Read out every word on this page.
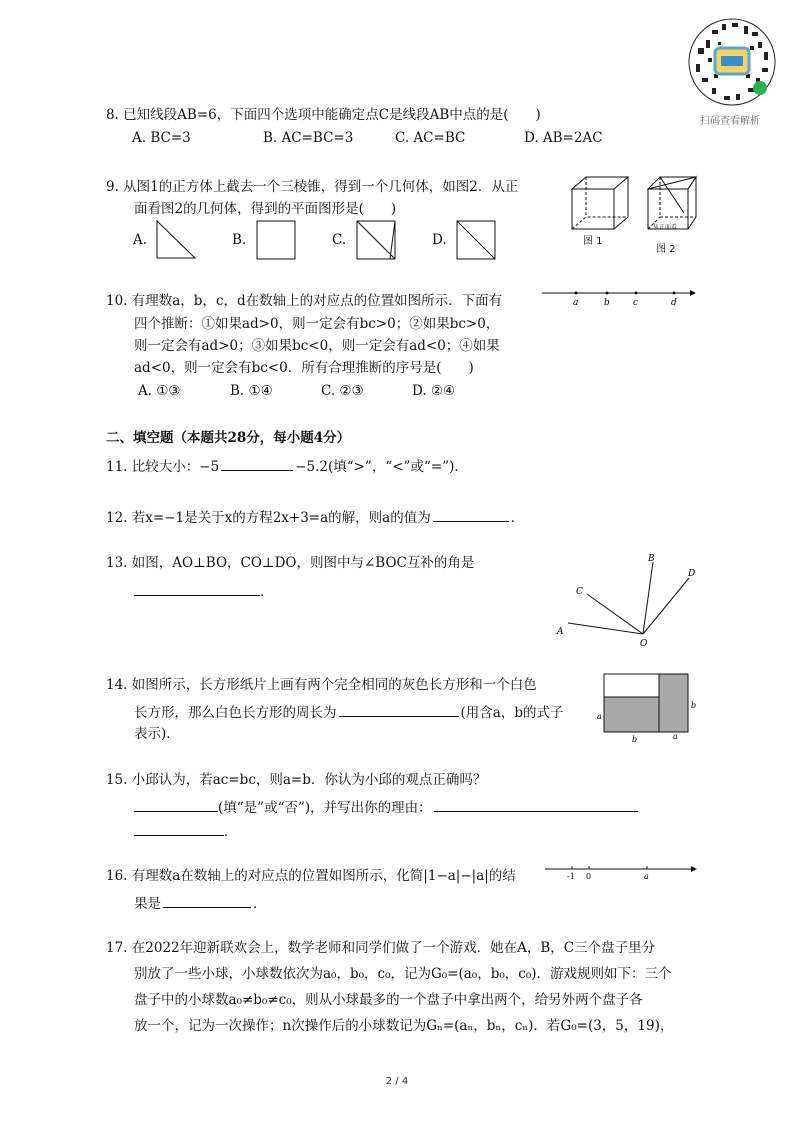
扫码查看解析
8. 已知线段AB=6，下面四个选项中能确定点C是线段AB中点的是(　　)
A. BC=3	B. AC=BC=3	C. AC=BC	D. AB=2AC
9. 从图1的正方体上截去一个三棱锥，得到一个几何体，如图2．从正
面看图2的几何体，得到的平面图形是(　　)
A.	B.	C.	D.	图 1
从正面看
图 2
10. 有理数a，b，c，d在数轴上的对应点的位置如图所示．下面有
四个推断：①如果ad>0，则一定会有bc>0；②如果bc>0，
则一定会有ad>0；③如果bc<0，则一定会有ad<0；④如果
ad<0，则一定会有bc<0．所有合理推断的序号是(　　)
A. ①③	B. ①④	C. ②③	D. ②④
a	b	c	d
二、填空题（本题共28分，每小题4分）
11. 比较大小：−5	−5.2(填“>”，“<”或“=”)．
12. 若x=−1是关于x的方程2x+3=a的解，则a的值为	．
13. 如图，AO⊥BO，CO⊥DO，则图中与∠BOC互补的角是
．
A
C
B
D
O
14. 如图所示，长方形纸片上画有两个完全相同的灰色长方形和一个白色
长方形，那么白色长方形的周长为	(用含a，b的式子
表示)．
a
b
b	a
15. 小邱认为，若ac=bc，则a=b．你认为小邱的观点正确吗？
(填“是”或“否”)，并写出你的理由：
．
16. 有理数a在数轴上的对应点的位置如图所示，化简|1−a|−|a|的结
果是	．
-1 0	a
17. 在2022年迎新联欢会上，数学老师和同学们做了一个游戏．她在A，B，C三个盘子里分
别放了一些小球，小球数依次为a₀，b₀，c₀，记为G₀=(a₀，b₀，c₀)．游戏规则如下：三个
盘子中的小球数a₀≠b₀≠c₀，则从小球最多的一个盘子中拿出两个，给另外两个盘子各
放一个，记为一次操作；n次操作后的小球数记为Gₙ=(aₙ，bₙ，cₙ)．若G₀=(3，5，19)，
2 / 4
